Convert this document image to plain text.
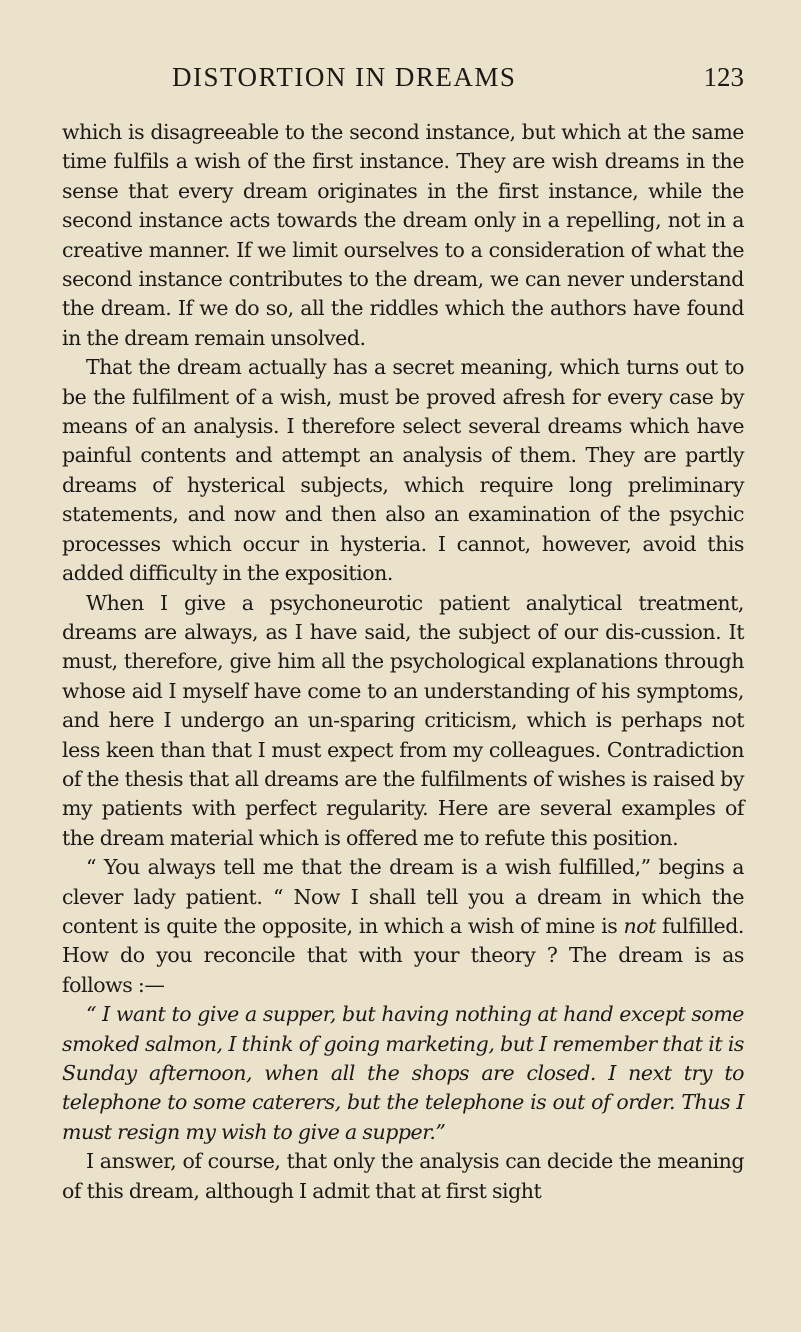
DISTORTION IN DREAMS	123

which is disagreeable to the second instance, but which at the same time fulfils a wish of the first instance. They are wish dreams in the sense that every dream originates in the first instance, while the second instance acts towards the dream only in a repelling, not in a creative manner. If we limit ourselves to a consideration of what the second instance contributes to the dream, we can never understand the dream. If we do so, all the riddles which the authors have found in the dream remain unsolved.

That the dream actually has a secret meaning, which turns out to be the fulfilment of a wish, must be proved afresh for every case by means of an analysis. I therefore select several dreams which have painful contents and attempt an analysis of them. They are partly dreams of hysterical subjects, which require long preliminary statements, and now and then also an examination of the psychic processes which occur in hysteria. I cannot, however, avoid this added difficulty in the exposition.

When I give a psychoneurotic patient analytical treatment, dreams are always, as I have said, the subject of our dis-cussion. It must, therefore, give him all the psychological explanations through whose aid I myself have come to an understanding of his symptoms, and here I undergo an un-sparing criticism, which is perhaps not less keen than that I must expect from my colleagues. Contradiction of the thesis that all dreams are the fulfilments of wishes is raised by my patients with perfect regularity. Here are several examples of the dream material which is offered me to refute this position.

“ You always tell me that the dream is a wish fulfilled,” begins a clever lady patient. “ Now I shall tell you a dream in which the content is quite the opposite, in which a wish of mine is not fulfilled. How do you reconcile that with your theory ? The dream is as follows :—

“ I want to give a supper, but having nothing at hand except some smoked salmon, I think of going marketing, but I remember that it is Sunday afternoon, when all the shops are closed. I next try to telephone to some caterers, but the telephone is out of order. Thus I must resign my wish to give a supper.”

I answer, of course, that only the analysis can decide the meaning of this dream, although I admit that at first sight
